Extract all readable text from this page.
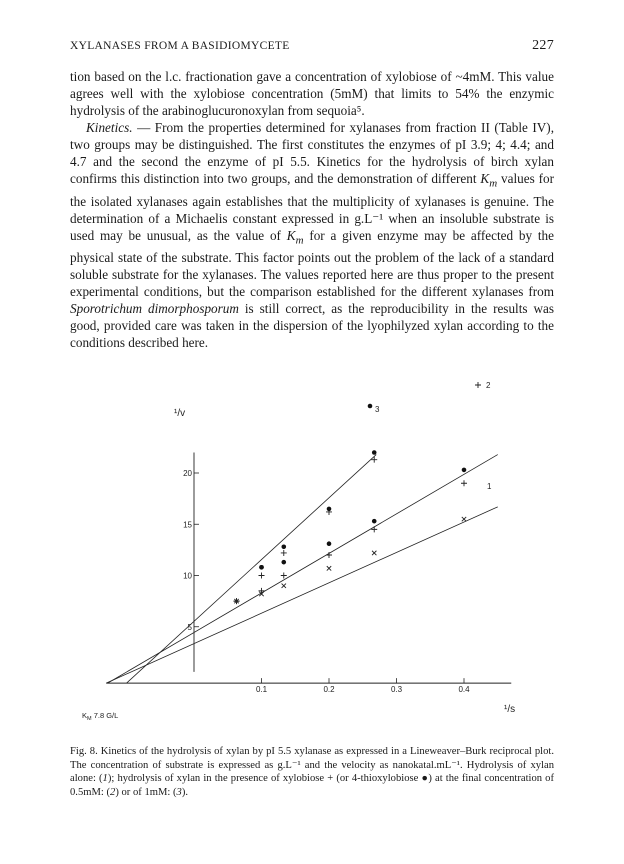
XYLANASES FROM A BASIDIOMYCETE	227

tion based on the l.c. fractionation gave a concentration of xylobiose of ~4mM. This value agrees well with the xylobiose concentration (5mM) that limits to 54% the enzymic hydrolysis of the arabinoglucuronoxylan from sequoia⁵.

Kinetics. — From the properties determined for xylanases from fraction II (Table IV), two groups may be distinguished. The first constitutes the enzymes of pI 3.9; 4; 4.4; and 4.7 and the second the enzyme of pI 5.5. Kinetics for the hydrolysis of birch xylan confirms this distinction into two groups, and the demonstration of different $K_m$ values for the isolated xylanases again establishes that the multiplicity of xylanases is genuine. The determination of a Michaelis constant expressed in g.L⁻¹ when an insoluble substrate is used may be unusual, as the value of $K_m$ for a given enzyme may be affected by the physical state of the substrate. This factor points out the problem of the lack of a standard soluble substrate for the xylanases. The values reported here are thus proper to the present experimental conditions, but the comparison established for the different xylanases from Sporotrichum dimorphosporum is still correct, as the reproducibility in the results was good, provided care was taken in the dispersion of the lyophilyzed xylan according to the conditions described here.

5
10
15
20
0.1	0.2	0.3	0.4
¹/v
¹/s
$K_M$ 7.8 G/L
1
2
3
Fig. 8. Kinetics of the hydrolysis of xylan by pI 5.5 xylanase as expressed in a Lineweaver–Burk reciprocal plot. The concentration of substrate is expressed as g.L⁻¹ and the velocity as nanokatal.mL⁻¹. Hydrolysis of xylan alone: (1); hydrolysis of xylan in the presence of xylobiose + (or 4-thioxylobiose ●) at the final concentration of 0.5mM: (2) or of 1mM: (3).
